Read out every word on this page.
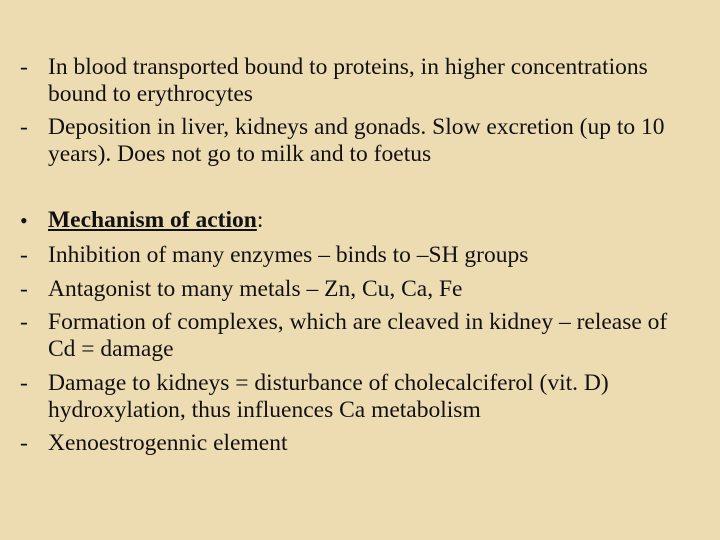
- In blood transported bound to proteins, in higher concentrations bound to erythrocytes
- Deposition in liver, kidneys and gonads. Slow excretion (up to 10 years). Does not go to milk and to foetus
• Mechanism of action:
- Inhibition of many enzymes – binds to –SH groups
- Antagonist to many metals – Zn, Cu, Ca, Fe
- Formation of complexes, which are cleaved in kidney – release of Cd = damage
- Damage to kidneys = disturbance of cholecalciferol (vit. D) hydroxylation, thus influences Ca metabolism
- Xenoestrogennic element
